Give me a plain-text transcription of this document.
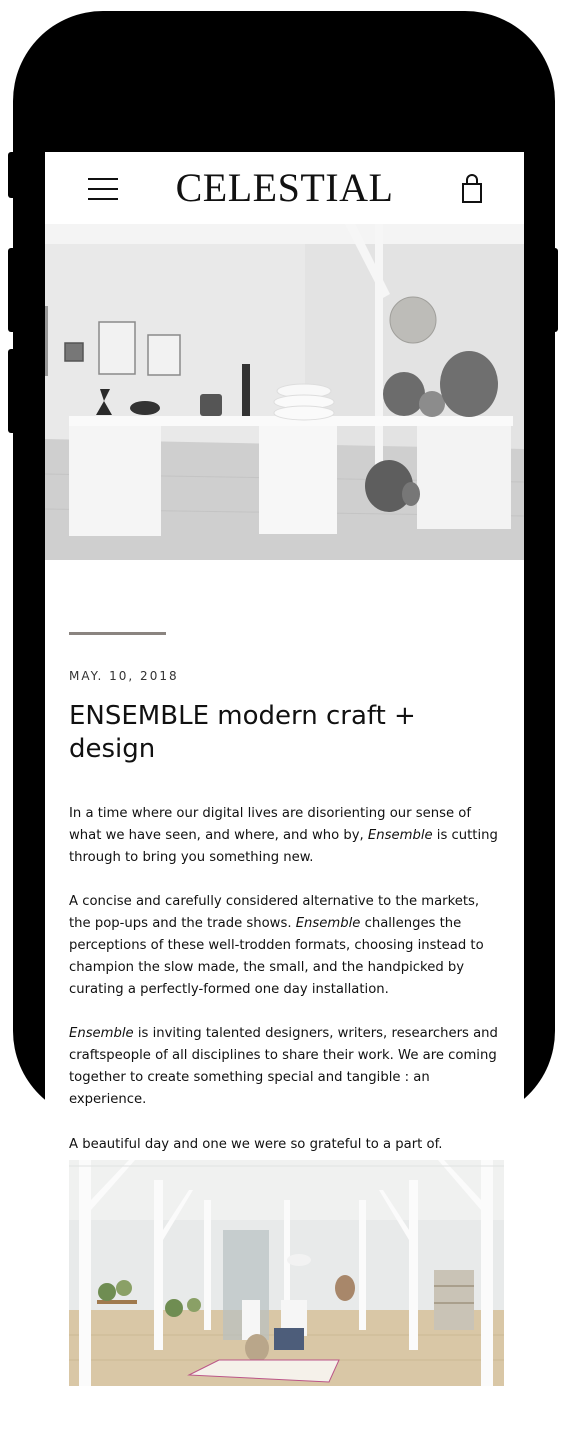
CELESTIAL
MAY. 10, 2018
ENSEMBLE modern craft + design

In a time where our digital lives are disorienting our sense of what we have seen, and where, and who by, Ensemble is cutting through to bring you something new.

A concise and carefully considered alternative to the markets, the pop-ups and the trade shows. Ensemble challenges the perceptions of these well-trodden formats, choosing instead to champion the slow made, the small, and the handpicked by curating a perfectly-formed one day installation.

Ensemble is inviting talented designers, writers, researchers and craftspeople of all disciplines to share their work. We are coming together to create something special and tangible : an experience.

A beautiful day and one we were so grateful to a part of.
